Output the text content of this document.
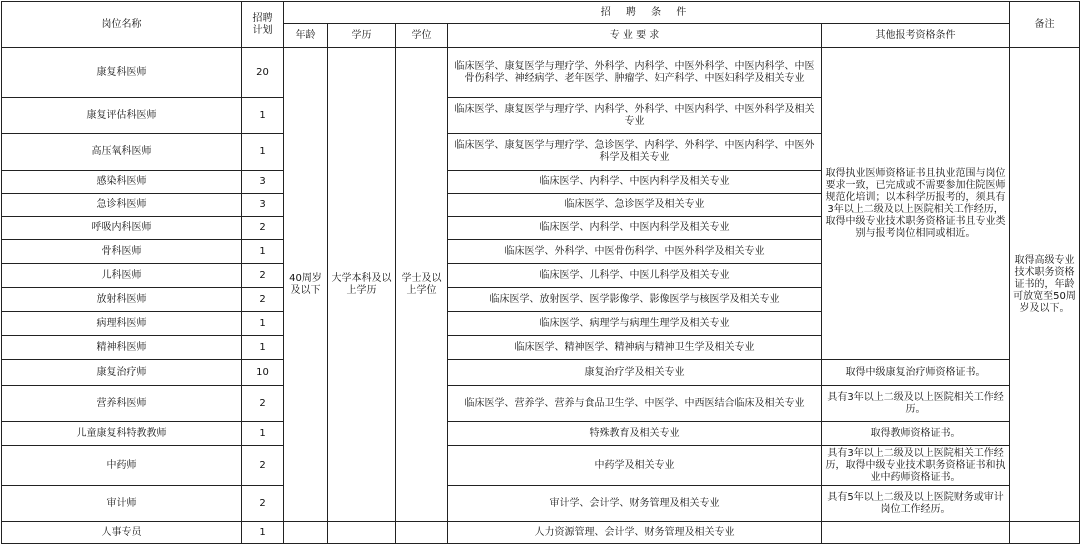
岗位名称	招聘
计划	招 聘 条 件					备注
		年龄	学历	学位	专 业 要 求	其他报考资格条件	
康复科医师	20	40周岁及以下	大学本科及以上学历	学士及以上学位	临床医学、康复医学与理疗学、外科学、内科学、中医外科学、中医内科学、中医骨伤科学、神经病学、老年医学、肿瘤学、妇产科学、中医妇科学及相关专业	取得执业医师资格证书且执业范围与岗位要求一致，已完成或不需要参加住院医师规范化培训；以本科学历报考的，须具有3年以上二级及以上医院相关工作经历，取得中级专业技术职务资格证书且专业类别与报考岗位相同或相近。	取得高级专业技术职务资格证书的，年龄可放宽至50周岁及以下。
康复评估科医师	1				临床医学、康复医学与理疗学、内科学、外科学、中医内科学、中医外科学及相关专业		
高压氧科医师	1				临床医学、康复医学与理疗学、急诊医学、内科学、外科学、中医内科学、中医外科学及相关专业		
感染科医师	3				临床医学、内科学、中医内科学及相关专业		
急诊科医师	3				临床医学、急诊医学及相关专业		
呼吸内科医师	2				临床医学、内科学、中医内科学及相关专业		
骨科医师	1				临床医学、外科学、中医骨伤科学、中医外科学及相关专业		
儿科医师	2				临床医学、儿科学、中医儿科学及相关专业		
放射科医师	2				临床医学、放射医学、医学影像学、影像医学与核医学及相关专业		
病理科医师	1				临床医学、病理学与病理生理学及相关专业		
精神科医师	1				临床医学、精神医学、精神病与精神卫生学及相关专业		
康复治疗师	10				康复治疗学及相关专业	取得中级康复治疗师资格证书。	
营养科医师	2				临床医学、营养学、营养与食品卫生学、中医学、中西医结合临床及相关专业	具有3年以上二级及以上医院相关工作经历。	
儿童康复科特教教师	1				特殊教育及相关专业	取得教师资格证书。	
中药师	2				中药学及相关专业	具有3年以上二级及以上医院相关工作经历，取得中级专业技术职务资格证书和执业中药师资格证书。	
审计师	2				审计学、会计学、财务管理及相关专业	具有5年以上二级及以上医院财务或审计岗位工作经历。	
人事专员	1				人力资源管理、会计学、财务管理及相关专业		
